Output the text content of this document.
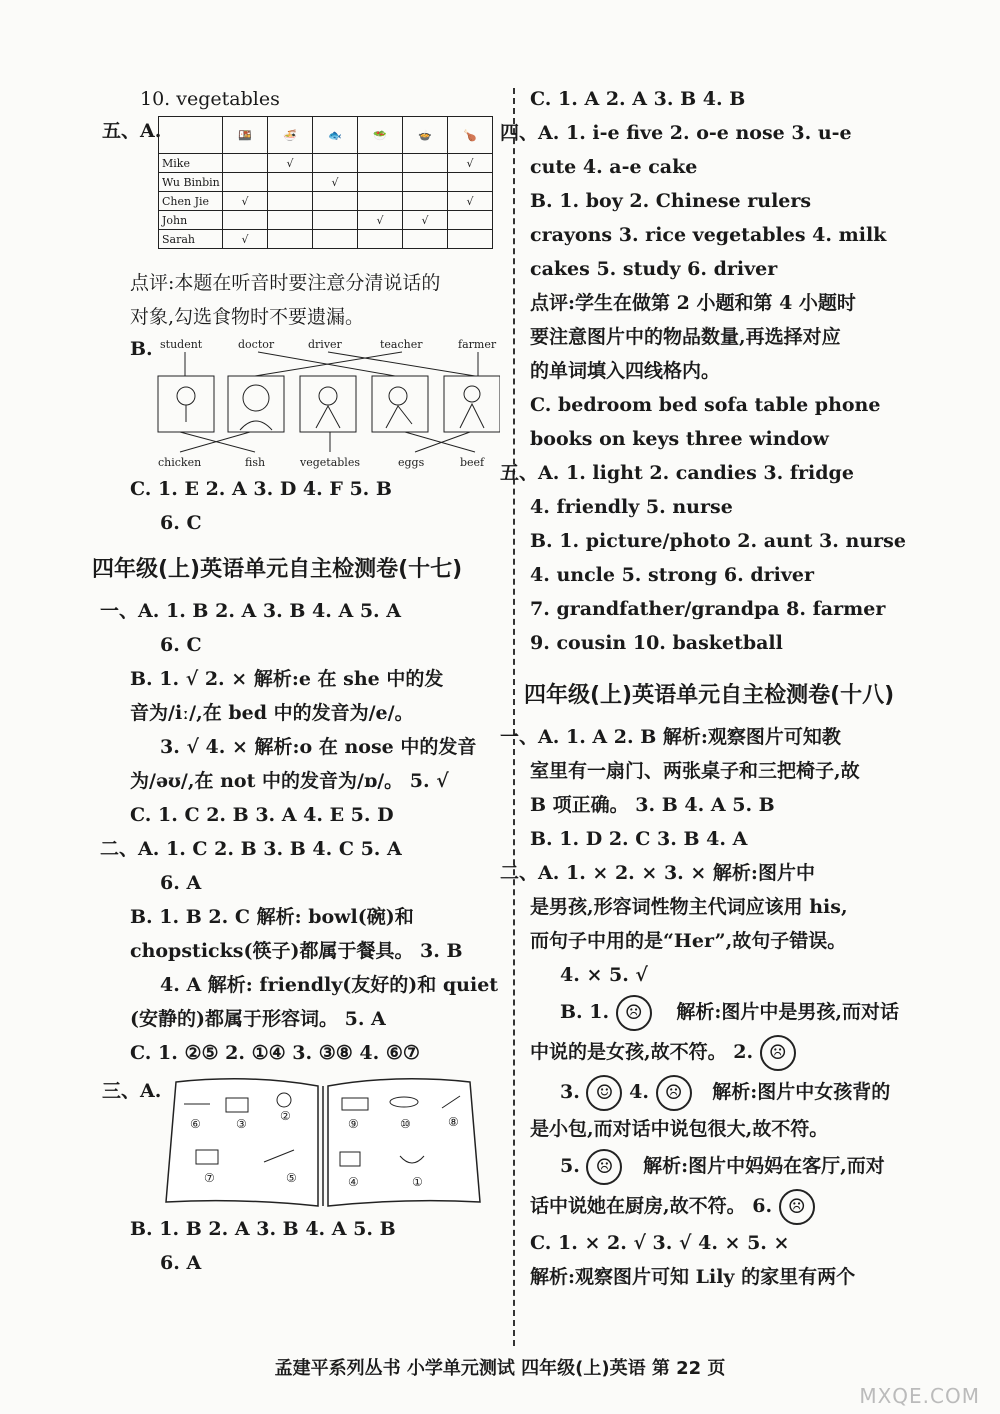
10. vegetables
五、A.
		🍱	🍜	🐟	🥗	🍲	🍗
Mike		√				√
Wu Binbin			√			
Chen Jie	√					√
John				√	√	
Sarah	√					
点评:本题在听音时要注意分清说话的
对象,勾选食物时不要遗漏。
B. student	doctor	driver	teacher	farmer
chicken	fish	vegetables	eggs	beef
C. 1. E 2. A 3. D 4. F 5. B
6. C
四年级(上)英语单元自主检测卷(十七)
一、A. 1. B 2. A 3. B 4. A 5. A
6. C
B. 1. √ 2. × 解析:e 在 she 中的发
音为/iː/,在 bed 中的发音为/e/。
3. √ 4. × 解析:o 在 nose 中的发音
为/əʊ/,在 not 中的发音为/ɒ/。 5. √
C. 1. C 2. B 3. A 4. E 5. D
二、A. 1. C 2. B 3. B 4. C 5. A
6. A
B. 1. B 2. C 解析: bowl(碗)和
chopsticks(筷子)都属于餐具。 3. B
4. A 解析: friendly(友好的)和 quiet
(安静的)都属于形容词。 5. A
C. 1. ②⑤ 2. ①④ 3. ③⑧ 4. ⑥⑦
三、A.
⑥	③
②
⑨	⑩	⑧
⑦	⑤	④	①
B. 1. B 2. A 3. B 4. A 5. B
6. A
C. 1. A 2. A 3. B 4. B
四、A. 1. i-e five 2. o-e nose 3. u-e
cute 4. a-e cake
B. 1. boy 2. Chinese rulers
crayons 3. rice vegetables 4. milk
cakes 5. study 6. driver
点评:学生在做第 2 小题和第 4 小题时
要注意图片中的物品数量,再选择对应
的单词填入四线格内。
C. bedroom bed sofa table phone
books on keys three window
五、A. 1. light 2. candies 3. fridge
4. friendly 5. nurse
B. 1. picture/photo 2. aunt 3. nurse
4. uncle 5. strong 6. driver
7. grandfather/grandpa 8. farmer
9. cousin 10. basketball
四年级(上)英语单元自主检测卷(十八)
一、A. 1. A 2. B 解析:观察图片可知教
室里有一扇门、两张桌子和三把椅子,故
B 项正确。 3. B 4. A 5. B
B. 1. D 2. C 3. B 4. A
二、A. 1. × 2. × 3. × 解析:图片中
是男孩,形容词性物主代词应该用 his,
而句子中用的是“Her”,故句子错误。
4. × 5. √
B. 1. ☹ 解析:图片中是男孩,而对话
中说的是女孩,故不符。 2. ☹
3. ☺ 4. ☹ 解析:图片中女孩背的
是小包,而对话中说包很大,故不符。
5. ☹ 解析:图片中妈妈在客厅,而对
话中说她在厨房,故不符。 6. ☹
C. 1. × 2. √ 3. √ 4. × 5. ×
解析:观察图片可知 Lily 的家里有两个
孟建平系列丛书 小学单元测试 四年级(上)英语 第 22 页
MXQE.COM
